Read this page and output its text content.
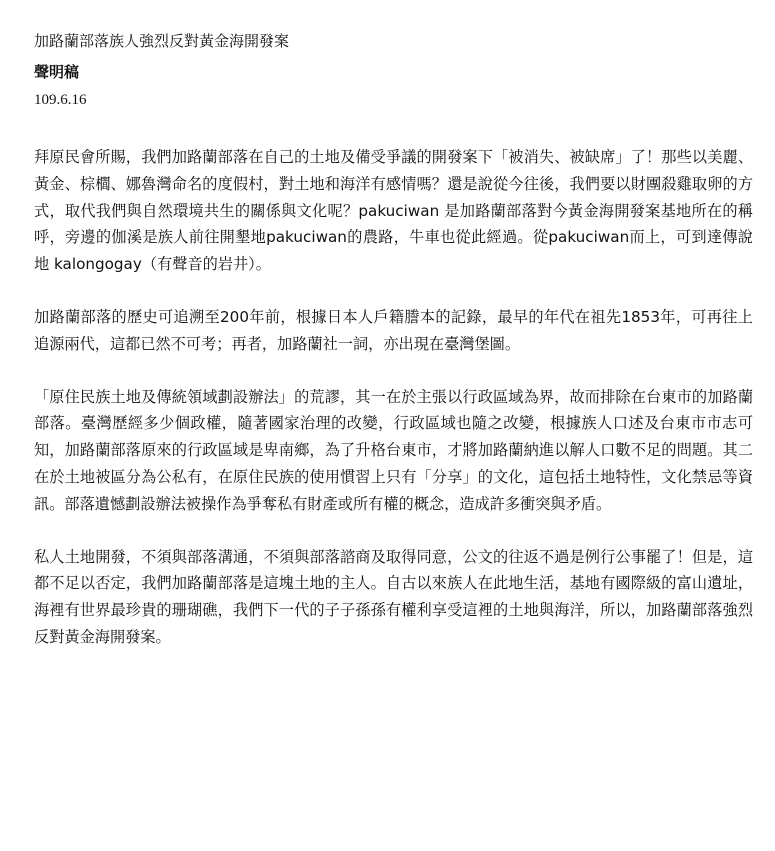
加路蘭部落族人強烈反對黃金海開發案
聲明稿
109.6.16

拜原民會所賜，我們加路蘭部落在自己的土地及備受爭議的開發案下「被消失、被缺席」了！那些以美麗、黃金、棕櫚、娜魯灣命名的度假村，對土地和海洋有感情嗎？還是說從今往後，我們要以財團殺雞取卵的方式，取代我們與自然環境共生的關係與文化呢？pakuciwan 是加路蘭部落對今黃金海開發案基地所在的稱呼，旁邊的伽溪是族人前往開墾地pakuciwan的農路，牛車也從此經過。從pakuciwan而上，可到達傳說地 kalongogay（有聲音的岩井）。

加路蘭部落的歷史可追溯至200年前，根據日本人戶籍謄本的記錄，最早的年代在祖先1853年，可再往上追源兩代，這都已然不可考；再者，加路蘭社一詞，亦出現在臺灣堡圖。

「原住民族土地及傳統領域劃設辦法」的荒謬，其一在於主張以行政區域為界，故而排除在台東市的加路蘭部落。臺灣歷經多少個政權，隨著國家治理的改變，行政區域也隨之改變，根據族人口述及台東市市志可知，加路蘭部落原來的行政區域是卑南鄉，為了升格台東市，才將加路蘭納進以解人口數不足的問題。其二在於土地被區分為公私有，在原住民族的使用慣習上只有「分享」的文化，這包括土地特性，文化禁忌等資訊。部落遺憾劃設辦法被操作為爭奪私有財產或所有權的概念，造成許多衝突與矛盾。

私人土地開發，不須與部落溝通，不須與部落諮商及取得同意，公文的往返不過是例行公事罷了！但是，這都不足以否定，我們加路蘭部落是這塊土地的主人。自古以來族人在此地生活，基地有國際級的富山遺址，海裡有世界最珍貴的珊瑚礁，我們下一代的子子孫孫有權利享受這裡的土地與海洋，所以，加路蘭部落強烈反對黃金海開發案。
